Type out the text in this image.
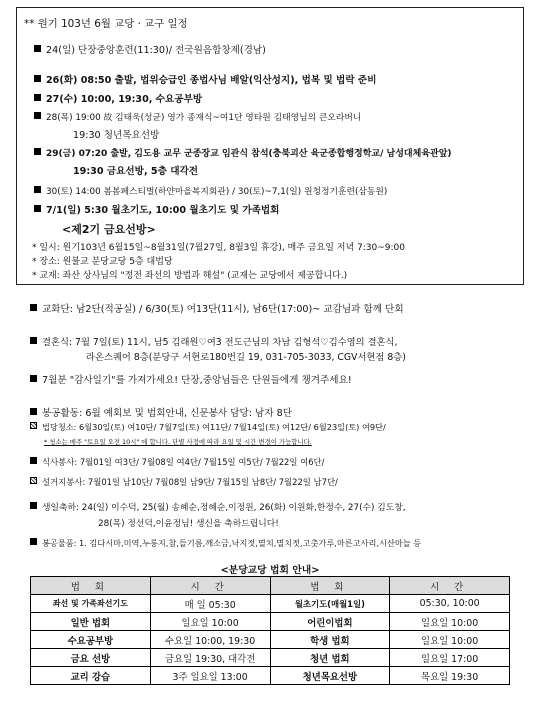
** 원기 103년 6월 교당 · 교구 일정
24(일) 단장중앙훈련(11:30)/ 전국원음합창제(경남)
26(화) 08:50 출발, 법위승급인 종법사님 배알(익산성지), 법복 및 법락 준비
27(수) 10:00, 19:30, 수요공부방
28(목) 19:00 故 김태욱(성균) 영가 종재식~여1단 영타원 김태영님의 큰오라버니
19:30 청년목요선방
29(금) 07:20 출발, 김도용 교무 군종장교 임관식 참석(충북괴산 육군종합행정학교/ 남성대체육관앞)
19:30 금요선방, 5층 대각전
30(토) 14:00 봄봄페스티벌(하얀마을복지회관) / 30(토)~7,1(일) 원청정기훈련(삼동원)
7/1(일) 5:30 월초기도, 10:00 월초기도 및 가족법회
<제2기 금요선방>
* 일시: 원기103년 6월15일~8월31일(7월27일, 8월3일 휴강), 매주 금요일 저녁 7:30~9:00
* 장소: 원불교 분당교당 5층 대법당
* 교재: 좌산 상사님의 "정전 좌선의 방법과 해설" (교재는 교당에서 제공합니다.)
교화단: 남2단(적공실) / 6/30(토) 여13단(11시), 남6단(17:00)~ 교감님과 함께 단회
결혼식: 7월 7일(토) 11시, 남5 김래원♡여3 전도근님의 차남 김형석♡김수영의 결혼식,
라온스퀘어 8층(분당구 서현로180번길 19, 031-705-3033, CGV서현점 8층)
7월분 "감사일기"를 가져가세요! 단장,중앙님들은 단원들에게 챙겨주세요!
봉공활동: 6월 예회보 및 법회안내, 신문봉사 담당: 남자 8단
법당청소: 6월30일(토) 여10단/ 7월7일(토) 여11단/ 7월14일(토) 여12단/ 6월23일(토) 여9단/
* 청소는 매주 "토요일 오전 10시" 에 합니다. 단별 사정에 따라 요일 및 시간 변경이 가능합니다.
식사봉사: 7월01일 여3단/ 7월08일 여4단/ 7월15일 여5단/ 7월22일 여6단/
설거지봉사: 7월01일 남10단/ 7월08일 남9단/ 7월15일 남8단/ 7월22일 남7단/
생일축하: 24(일) 이수덕, 25(월) 송혜순,정혜순,이정원, 26(화) 이원화,한정수, 27(수) 김도창,
28(목) 정선덕,이윤정님! 생신을 축하드립니다!
봉공물품: 1. 김다시마,미역,누룽지,참,들기름,깨소금,낙지젓,멸치,멸치젓,고춧가루,마른고사리,시산마늘 등
<분당교당 법회 안내>
법 회	시 간	법 회	시 간
좌선 및 가족좌선기도	매 일 05:30	월초기도(매월1일)	05:30, 10:00
일반 법회	일요일 10:00	어린이법회	일요일 10:00
수요공부방	수요일 10:00, 19:30	학생 법회	일요일 10:00
금요 선방	금요일 19:30, 대각전	청년 법회	일요일 17:00
교리 강습	3주 일요일 13:00	청년목요선방	목요일 19:30
